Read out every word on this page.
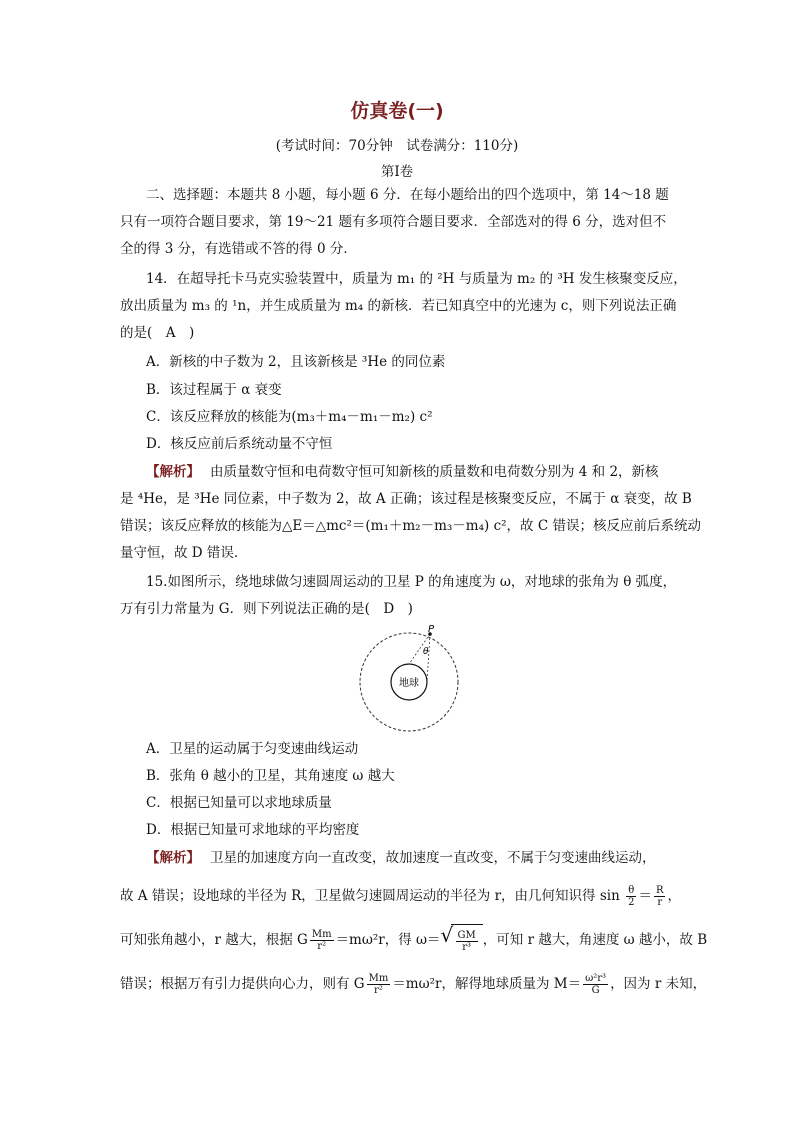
仿真卷(一)
(考试时间：70分钟　试卷满分：110分)
第Ⅰ卷
二、选择题：本题共 8 小题，每小题 6 分．在每小题给出的四个选项中，第 14～18 题
只有一项符合题目要求，第 19～21 题有多项符合题目要求．全部选对的得 6 分，选对但不
全的得 3 分，有选错或不答的得 0 分．
14．在超导托卡马克实验装置中，质量为 m₁ 的 ²H 与质量为 m₂ 的 ³H 发生核聚变反应，
放出质量为 m₃ 的 ¹n，并生成质量为 m₄ 的新核．若已知真空中的光速为 c，则下列说法正确
的是(　A　)
A．新核的中子数为 2，且该新核是 ³He 的同位素
B．该过程属于 α 衰变
C．该反应释放的核能为(m₃＋m₄－m₁－m₂) c²
D．核反应前后系统动量不守恒
【解析】 由质量数守恒和电荷数守恒可知新核的质量数和电荷数分别为 4 和 2，新核
是 ⁴He，是 ³He 同位素，中子数为 2，故 A 正确；该过程是核聚变反应，不属于 α 衰变，故 B
错误；该反应释放的核能为△E＝△mc²＝(m₁＋m₂－m₃－m₄) c²，故 C 错误；核反应前后系统动
量守恒，故 D 错误．
15.如图所示，绕地球做匀速圆周运动的卫星 P 的角速度为 ω，对地球的张角为 θ 弧度，
万有引力常量为 G．则下列说法正确的是(　D　)
P
θ
地球
A．卫星的运动属于匀变速曲线运动
B．张角 θ 越小的卫星，其角速度 ω 越大
C．根据已知量可以求地球质量
D．根据已知量可求地球的平均密度
【解析】 卫星的加速度方向一直改变，故加速度一直改变，不属于匀变速曲线运动，
故 A 错误；设地球的半径为 R，卫星做匀速圆周运动的半径为 r，由几何知识得 $\sin \frac{\theta}{2} = \frac{R}{r}$ ，
可知张角越小，r 越大，根据 G $\frac{Mm}{\text{r²}} =m\omega^2r$，得 ω＝
√ $\frac{GM}{\text{r³}}$ ，可知 r 越大，角速度 ω 越小，故 B
错误；根据万有引力提供向心力，则有 G $\frac{Mm}{\text{r²}} =m\omega^2r$，解得地球质量为 $M= \frac{\text{ω²r³}}{G}$ ，因为 r 未知，
